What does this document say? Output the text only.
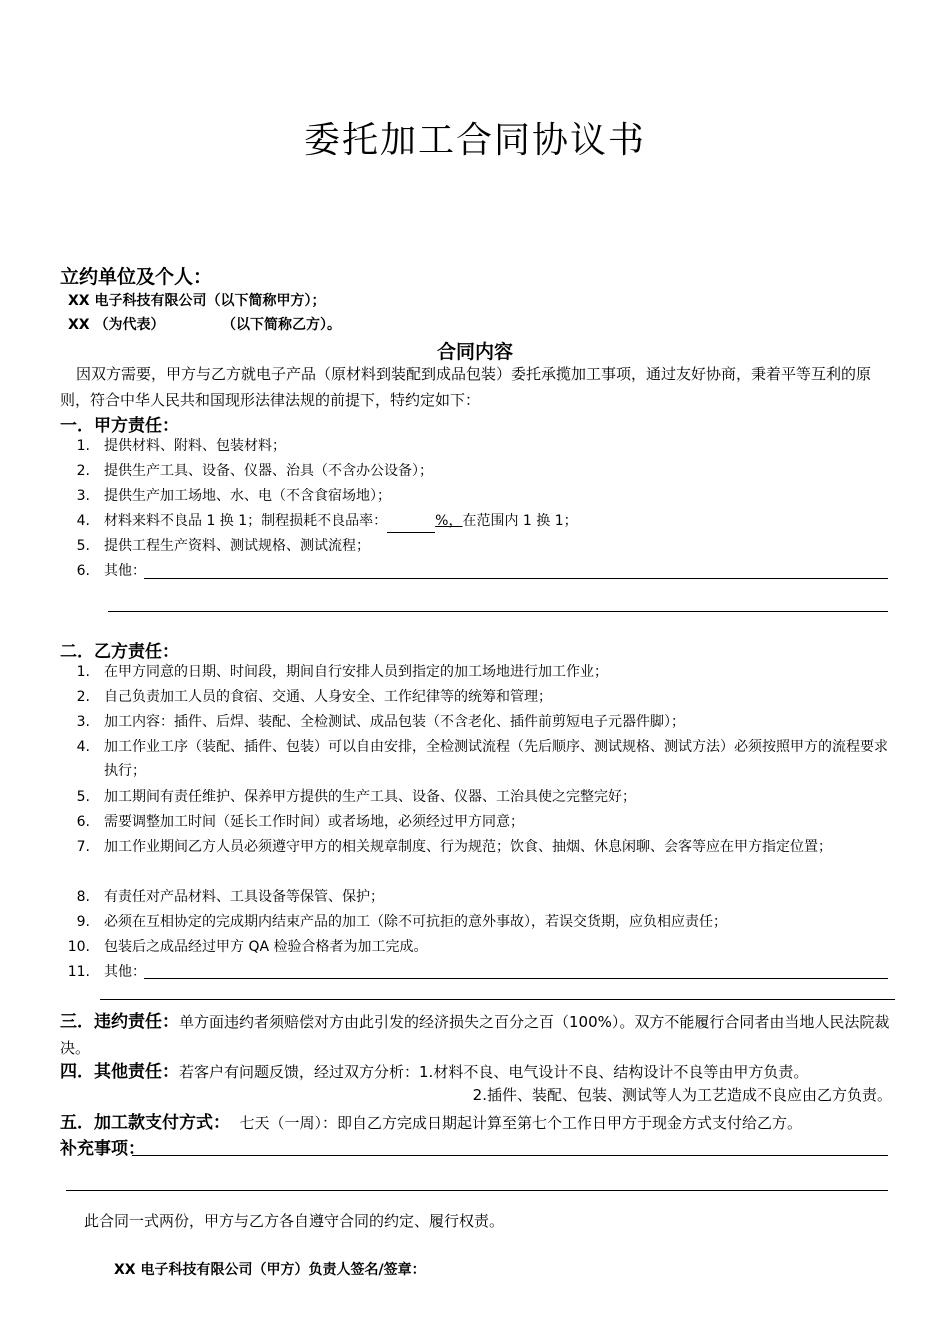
委托加工合同协议书
立约单位及个人：
XX 电子科技有限公司（以下简称甲方）；
XX （为代表）	（以下简称乙方）。
合同内容
因双方需要，甲方与乙方就电子产品（原材料到装配到成品包装）委托承揽加工事项，通过友好协商，秉着平等互利的原则，符合中华人民共和国现形法律法规的前提下，特约定如下：
一．甲方责任：
1. 提供材料、附料、包装材料；
2. 提供生产工具、设备、仪器、治具（不含办公设备）；
3. 提供生产加工场地、水、电（不含食宿场地）；
4. 材料来料不良品 1 换 1；制程损耗不良品率：	%，在范围内 1 换 1；
5. 提供工程生产资料、测试规格、测试流程；
6. 其他：
二．乙方责任：
1. 在甲方同意的日期、时间段，期间自行安排人员到指定的加工场地进行加工作业；
2. 自己负责加工人员的食宿、交通、人身安全、工作纪律等的统筹和管理；
3. 加工内容：插件、后焊、装配、全检测试、成品包装（不含老化、插件前剪短电子元器件脚）；
4. 加工作业工序（装配、插件、包装）可以自由安排，全检测试流程（先后顺序、测试规格、测试方法）必须按照甲方的流程要求执行；
5. 加工期间有责任维护、保养甲方提供的生产工具、设备、仪器、工治具使之完整完好；
6. 需要调整加工时间（延长工作时间）或者场地，必须经过甲方同意；
7. 加工作业期间乙方人员必须遵守甲方的相关规章制度、行为规范；饮食、抽烟、休息闲聊、会客等应在甲方指定位置；
8. 有责任对产品材料、工具设备等保管、保护；
9. 必须在互相协定的完成期内结束产品的加工（除不可抗拒的意外事故），若误交货期，应负相应责任；
10. 包装后之成品经过甲方 QA 检验合格者为加工完成。
11. 其他：
三．违约责任：单方面违约者须赔偿对方由此引发的经济损失之百分之百（100%）。双方不能履行合同者由当地人民法院裁决。
四．其他责任：若客户有问题反馈，经过双方分析：1.材料不良、电气设计不良、结构设计不良等由甲方负责。
2.插件、装配、包装、测试等人为工艺造成不良应由乙方负责。
五．加工款支付方式： 七天（一周）：即自乙方完成日期起计算至第七个工作日甲方于现金方式支付给乙方。
补充事项：
此合同一式两份，甲方与乙方各自遵守合同的约定、履行权责。
XX 电子科技有限公司（甲方）负责人签名/签章：
